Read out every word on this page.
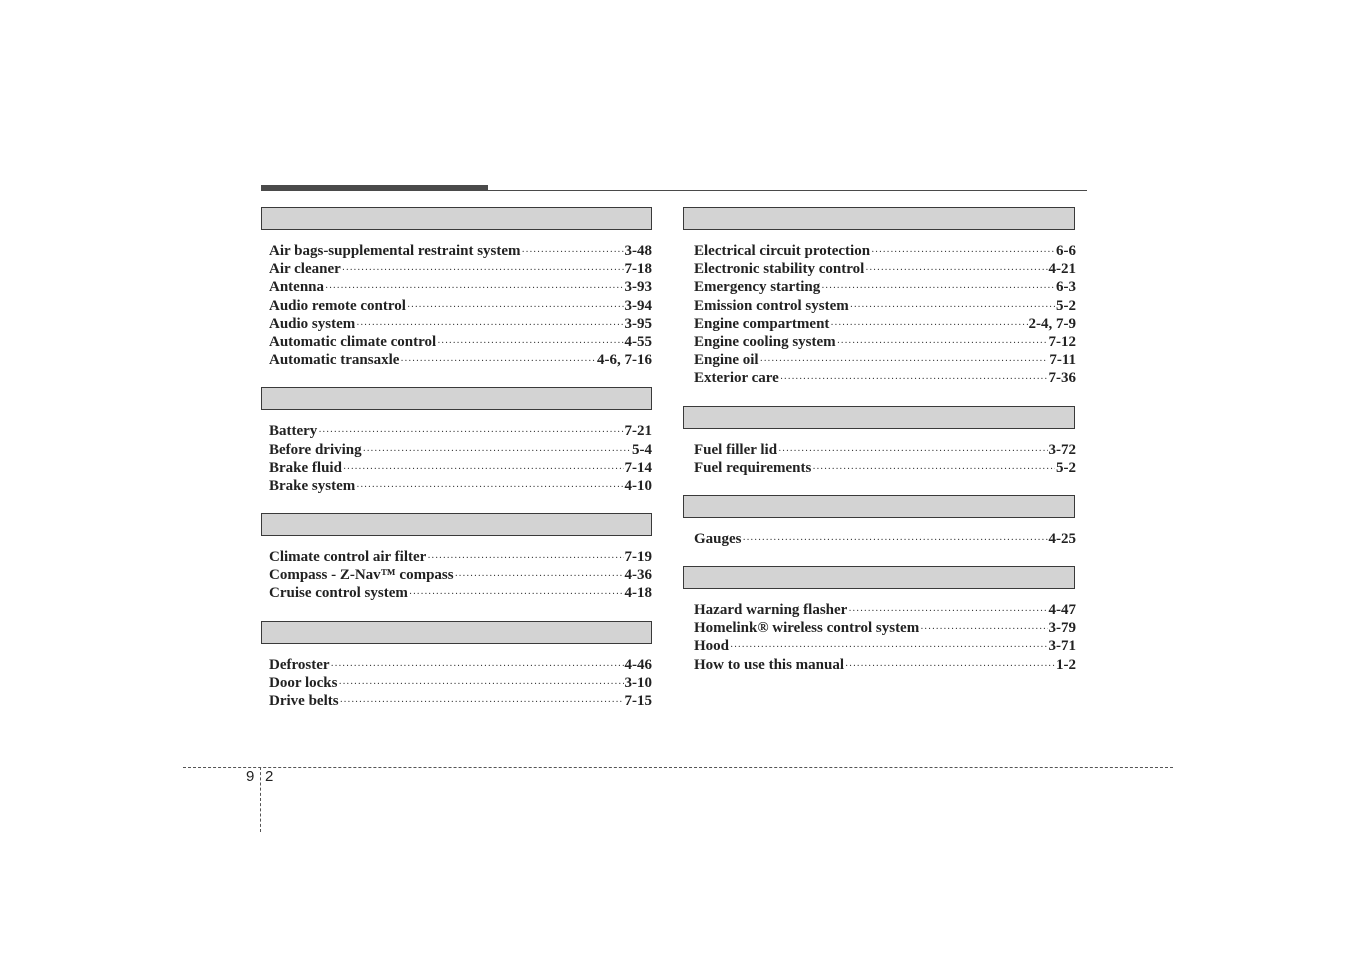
Air bags-supplemental restraint system ·····	3-48
Air cleaner ·····	7-18
Antenna ·····	3-93
Audio remote control ·····	3-94
Audio system ·····	3-95
Automatic climate control ·····	4-55
Automatic transaxle ·····	4-6, 7-16
Battery ·····	7-21
Before driving ·····	5-4
Brake fluid ·····	7-14
Brake system ·····	4-10
Climate control air filter ·····	7-19
Compass - Z-Nav™ compass ·····	4-36
Cruise control system ·····	4-18
Defroster ·····	4-46
Door locks ·····	3-10
Drive belts ·····	7-15
Electrical circuit protection ·····	6-6
Electronic stability control ·····	4-21
Emergency starting ·····	6-3
Emission control system ·····	5-2
Engine compartment ·····	2-4, 7-9
Engine cooling system ·····	7-12
Engine oil ·····	7-11
Exterior care ·····	7-36
Fuel filler lid ·····	3-72
Fuel requirements ·····	5-2
Gauges ·····	4-25
Hazard warning flasher ·····	4-47
Homelink® wireless control system ·····	3-79
Hood ·····	3-71
How to use this manual ·····	1-2
9 2
